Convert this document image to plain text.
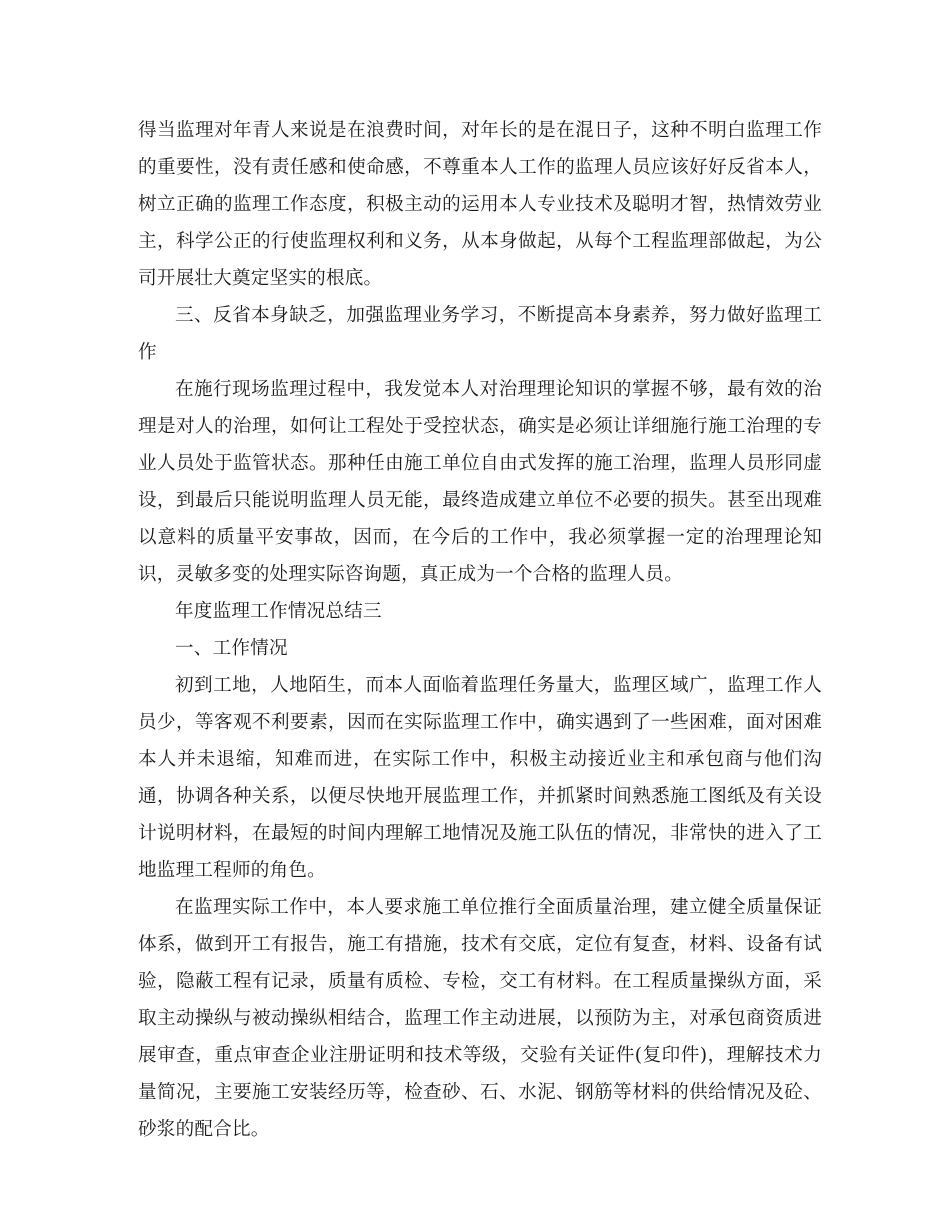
得当监理对年青人来说是在浪费时间，对年长的是在混日子，这种不明白监理工作的重要性，没有责任感和使命感，不尊重本人工作的监理人员应该好好反省本人，树立正确的监理工作态度，积极主动的运用本人专业技术及聪明才智，热情效劳业主，科学公正的行使监理权利和义务，从本身做起，从每个工程监理部做起，为公司开展壮大奠定坚实的根底。

三、反省本身缺乏，加强监理业务学习，不断提高本身素养，努力做好监理工作

在施行现场监理过程中，我发觉本人对治理理论知识的掌握不够，最有效的治理是对人的治理，如何让工程处于受控状态，确实是必须让详细施行施工治理的专业人员处于监管状态。那种任由施工单位自由式发挥的施工治理，监理人员形同虚设，到最后只能说明监理人员无能，最终造成建立单位不必要的损失。甚至出现难以意料的质量平安事故，因而，在今后的工作中，我必须掌握一定的治理理论知识，灵敏多变的处理实际咨询题，真正成为一个合格的监理人员。

年度监理工作情况总结三

一、工作情况

初到工地，人地陌生，而本人面临着监理任务量大，监理区域广，监理工作人员少，等客观不利要素，因而在实际监理工作中，确实遇到了一些困难，面对困难本人并未退缩，知难而进，在实际工作中，积极主动接近业主和承包商与他们沟通，协调各种关系，以便尽快地开展监理工作，并抓紧时间熟悉施工图纸及有关设计说明材料，在最短的时间内理解工地情况及施工队伍的情况，非常快的进入了工地监理工程师的角色。

在监理实际工作中，本人要求施工单位推行全面质量治理，建立健全质量保证体系，做到开工有报告，施工有措施，技术有交底，定位有复查，材料、设备有试验，隐蔽工程有记录，质量有质检、专检，交工有材料。在工程质量操纵方面，采取主动操纵与被动操纵相结合，监理工作主动进展，以预防为主，对承包商资质进展审查，重点审查企业注册证明和技术等级，交验有关证件(复印件)，理解技术力量简况，主要施工安装经历等，检查砂、石、水泥、钢筋等材料的供给情况及砼、砂浆的配合比。
